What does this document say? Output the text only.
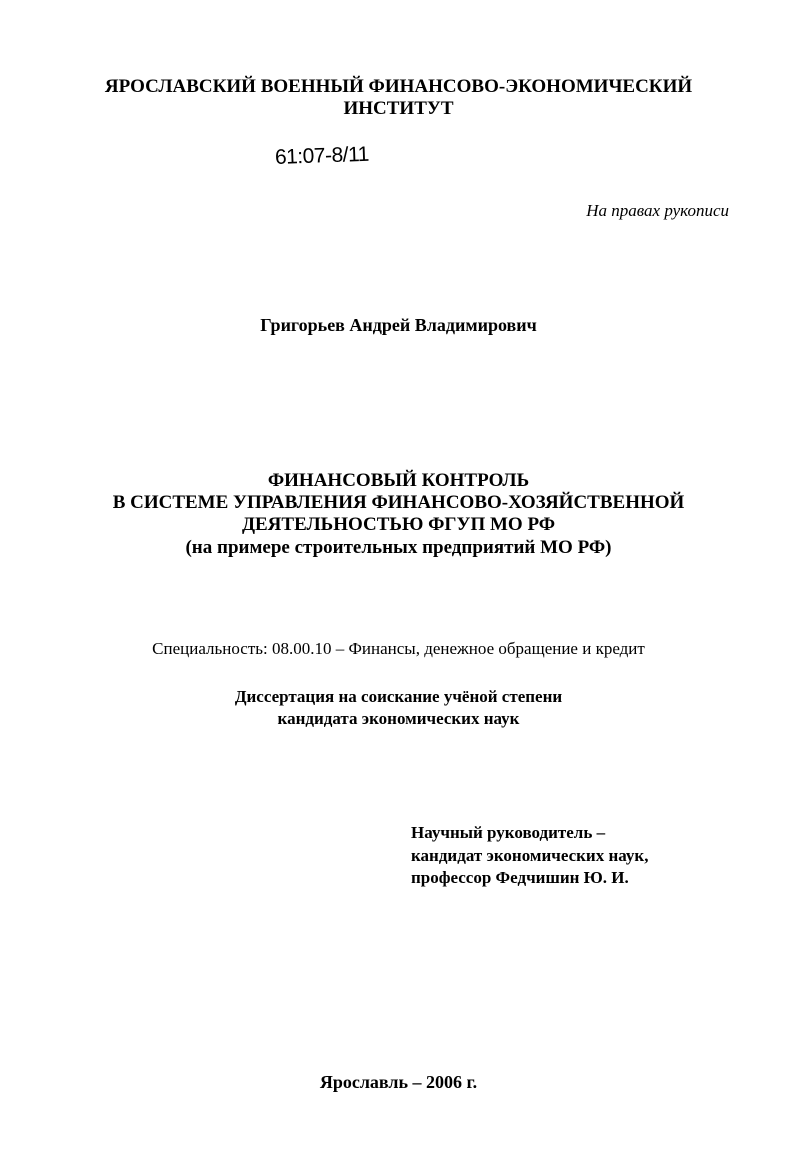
ЯРОСЛАВСКИЙ ВОЕННЫЙ ФИНАНСОВО-ЭКОНОМИЧЕСКИЙ
ИНСТИТУТ
61:07-8/11
На правах рукописи
Григорьев Андрей Владимирович
ФИНАНСОВЫЙ КОНТРОЛЬ
В СИСТЕМЕ УПРАВЛЕНИЯ ФИНАНСОВО-ХОЗЯЙСТВЕННОЙ
ДЕЯТЕЛЬНОСТЬЮ ФГУП МО РФ
(на примере строительных предприятий МО РФ)
Специальность: 08.00.10 – Финансы, денежное обращение и кредит
Диссертация на соискание учёной степени
кандидата экономических наук
Научный руководитель –
кандидат экономических наук,
профессор Федчишин Ю. И.
Ярославль – 2006 г.
